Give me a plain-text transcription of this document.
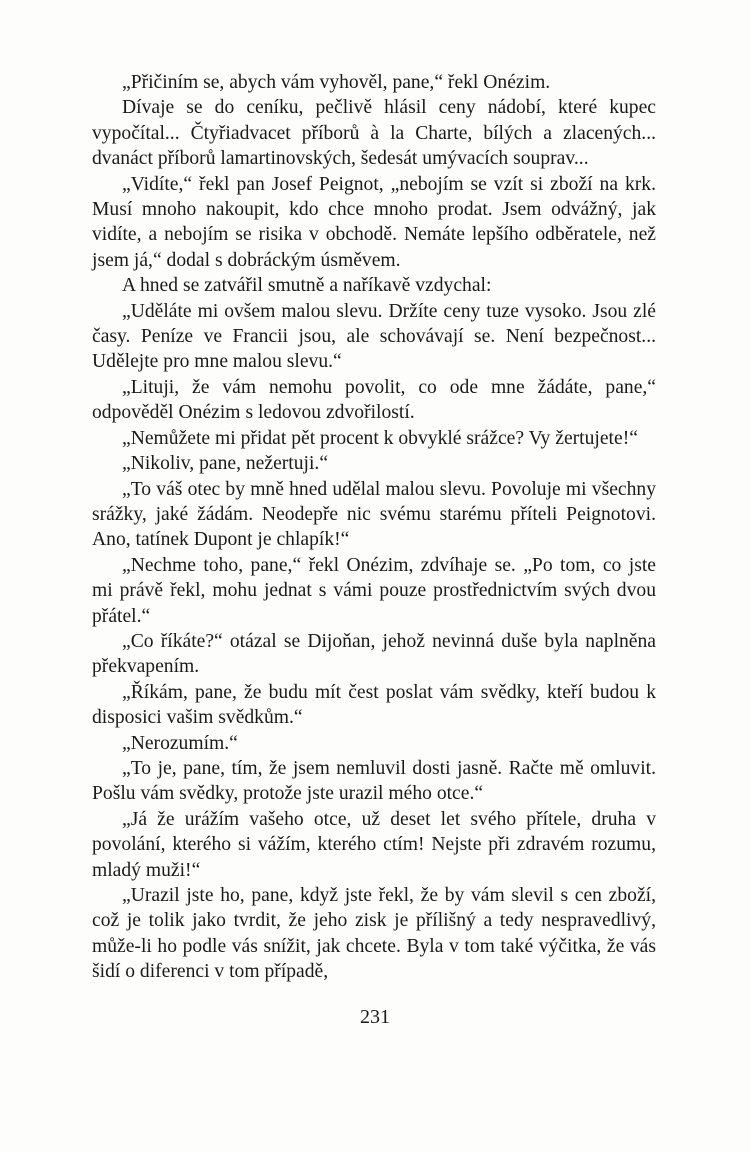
„Přičiním se, abych vám vyhověl, pane,“ řekl Onézim.

Dívaje se do ceníku, pečlivě hlásil ceny nádobí, které kupec vypočítal... Čtyřiadvacet příborů à la Charte, bílých a zlacených... dvanáct příborů lamartinovských, šedesát umývacích souprav...

„Vidíte,“ řekl pan Josef Peignot, „nebojím se vzít si zboží na krk. Musí mnoho nakoupit, kdo chce mnoho prodat. Jsem odvážný, jak vidíte, a nebojím se risika v obchodě. Nemáte lepšího odběratele, než jsem já,“ dodal s dobráckým úsměvem.

A hned se zatvářil smutně a naříkavě vzdychal:

„Uděláte mi ovšem malou slevu. Držíte ceny tuze vysoko. Jsou zlé časy. Peníze ve Francii jsou, ale schovávají se. Není bezpečnost... Udělejte pro mne malou slevu.“

„Lituji, že vám nemohu povolit, co ode mne žádáte, pane,“ odpověděl Onézim s ledovou zdvořilostí.

„Nemůžete mi přidat pět procent k obvyklé srážce? Vy žertujete!“

„Nikoliv, pane, nežertuji.“

„To váš otec by mně hned udělal malou slevu. Povoluje mi všechny srážky, jaké žádám. Neodepře nic svému starému příteli Peignotovi. Ano, tatínek Dupont je chlapík!“

„Nechme toho, pane,“ řekl Onézim, zdvíhaje se. „Po tom, co jste mi právě řekl, mohu jednat s vámi pouze prostřednictvím svých dvou přátel.“

„Co říkáte?“ otázal se Dijoňan, jehož nevinná duše byla naplněna překvapením.

„Říkám, pane, že budu mít čest poslat vám svědky, kteří budou k disposici vašim svědkům.“

„Nerozumím.“

„To je, pane, tím, že jsem nemluvil dosti jasně. Račte mě omluvit. Pošlu vám svědky, protože jste urazil mého otce.“

„Já že urážím vašeho otce, už deset let svého přítele, druha v povolání, kterého si vážím, kterého ctím! Nejste při zdravém rozumu, mladý muži!“

„Urazil jste ho, pane, když jste řekl, že by vám slevil s cen zboží, což je tolik jako tvrdit, že jeho zisk je přílišný a tedy nespravedlivý, může-li ho podle vás snížit, jak chcete. Byla v tom také výčitka, že vás šidí o diferenci v tom případě,

231
